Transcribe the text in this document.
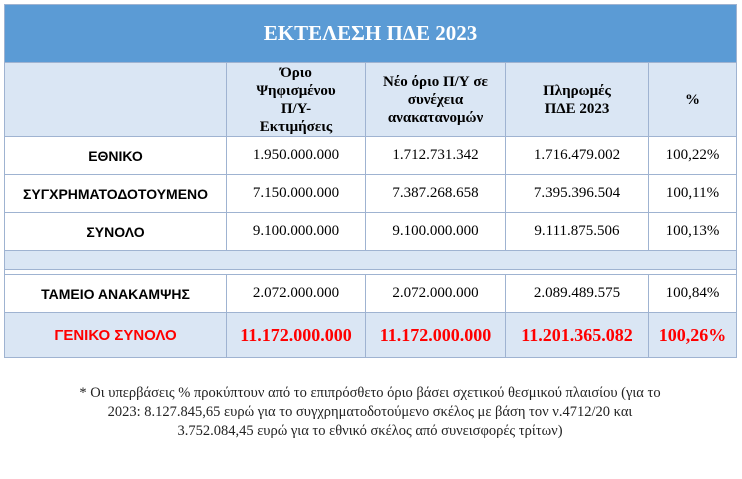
ΕΚΤΕΛΕΣΗ ΠΔΕ 2023				
	Όριο Ψηφισμένου Π/Υ-Εκτιμήσεις	Νέο όριο Π/Υ σε συνέχεια ανακατανομών	Πληρωμές ΠΔΕ 2023	%
ΕΘΝΙΚΟ	1.950.000.000	1.712.731.342	1.716.479.002	100,22%
ΣΥΓΧΡΗΜΑΤΟΔΟΤΟΥΜΕΝΟ	7.150.000.000	7.387.268.658	7.395.396.504	100,11%
ΣΥΝΟΛΟ	9.100.000.000	9.100.000.000	9.111.875.506	100,13%

ΤΑΜΕΙΟ ΑΝΑΚΑΜΨΗΣ	2.072.000.000	2.072.000.000	2.089.489.575	100,84%
ΓΕΝΙΚΟ ΣΥΝΟΛΟ	11.172.000.000	11.172.000.000	11.201.365.082	100,26%
* Οι υπερβάσεις % προκύπτουν από το επιπρόσθετο όριο βάσει σχετικού θεσμικού πλαισίου (για το 2023: 8.127.845,65 ευρώ για το συγχρηματοδοτούμενο σκέλος με βάση τον ν.4712/20 και 3.752.084,45 ευρώ για το εθνικό σκέλος από συνεισφορές τρίτων)
